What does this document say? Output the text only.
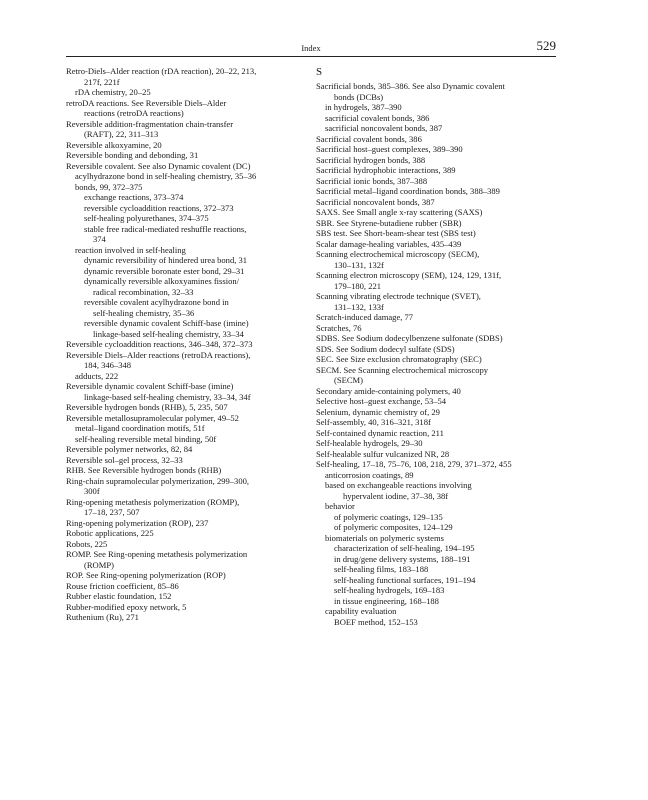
Index	529
Retro-Diels–Alder reaction (rDA reaction), 20–22, 213,
217f, 221f
rDA chemistry, 20–25
retroDA reactions. See Reversible Diels–Alder
reactions (retroDA reactions)
Reversible addition-fragmentation chain-transfer
(RAFT), 22, 311–313
Reversible alkoxyamine, 20
Reversible bonding and debonding, 31
Reversible covalent. See also Dynamic covalent (DC)
acylhydrazone bond in self-healing chemistry, 35–36
bonds, 99, 372–375
exchange reactions, 373–374
reversible cycloaddition reactions, 372–373
self-healing polyurethanes, 374–375
stable free radical-mediated reshuffle reactions,
374
reaction involved in self-healing
dynamic reversibility of hindered urea bond, 31
dynamic reversible boronate ester bond, 29–31
dynamically reversible alkoxyamines fission/
radical recombination, 32–33
reversible covalent acylhydrazone bond in
self-healing chemistry, 35–36
reversible dynamic covalent Schiff-base (imine)
linkage-based self-healing chemistry, 33–34
Reversible cycloaddition reactions, 346–348, 372–373
Reversible Diels–Alder reactions (retroDA reactions),
184, 346–348
adducts, 222
Reversible dynamic covalent Schiff-base (imine)
linkage-based self-healing chemistry, 33–34, 34f
Reversible hydrogen bonds (RHB), 5, 235, 507
Reversible metallosupramolecular polymer, 49–52
metal–ligand coordination motifs, 51f
self-healing reversible metal binding, 50f
Reversible polymer networks, 82, 84
Reversible sol–gel process, 32–33
RHB. See Reversible hydrogen bonds (RHB)
Ring-chain supramolecular polymerization, 299–300,
300f
Ring-opening metathesis polymerization (ROMP),
17–18, 237, 507
Ring-opening polymerization (ROP), 237
Robotic applications, 225
Robots, 225
ROMP. See Ring-opening metathesis polymerization
(ROMP)
ROP. See Ring-opening polymerization (ROP)
Rouse friction coefficient, 85–86
Rubber elastic foundation, 152
Rubber-modified epoxy network, 5
Ruthenium (Ru), 271
S
Sacrificial bonds, 385–386. See also Dynamic covalent
bonds (DCBs)
in hydrogels, 387–390
sacrificial covalent bonds, 386
sacrificial noncovalent bonds, 387
Sacrificial covalent bonds, 386
Sacrificial host–guest complexes, 389–390
Sacrificial hydrogen bonds, 388
Sacrificial hydrophobic interactions, 389
Sacrificial ionic bonds, 387–388
Sacrificial metal–ligand coordination bonds, 388–389
Sacrificial noncovalent bonds, 387
SAXS. See Small angle x-ray scattering (SAXS)
SBR. See Styrene-butadiene rubber (SBR)
SBS test. See Short-beam-shear test (SBS test)
Scalar damage-healing variables, 435–439
Scanning electrochemical microscopy (SECM),
130–131, 132f
Scanning electron microscopy (SEM), 124, 129, 131f,
179–180, 221
Scanning vibrating electrode technique (SVET),
131–132, 133f
Scratch-induced damage, 77
Scratches, 76
SDBS. See Sodium dodecylbenzene sulfonate (SDBS)
SDS. See Sodium dodecyl sulfate (SDS)
SEC. See Size exclusion chromatography (SEC)
SECM. See Scanning electrochemical microscopy
(SECM)
Secondary amide-containing polymers, 40
Selective host–guest exchange, 53–54
Selenium, dynamic chemistry of, 29
Self-assembly, 40, 316–321, 318f
Self-contained dynamic reaction, 211
Self-healable hydrogels, 29–30
Self-healable sulfur vulcanized NR, 28
Self-healing, 17–18, 75–76, 108, 218, 279, 371–372, 455
anticorrosion coatings, 89
based on exchangeable reactions involving
hypervalent iodine, 37–38, 38f
behavior
of polymeric coatings, 129–135
of polymeric composites, 124–129
biomaterials on polymeric systems
characterization of self-healing, 194–195
in drug/gene delivery systems, 188–191
self-healing films, 183–188
self-healing functional surfaces, 191–194
self-healing hydrogels, 169–183
in tissue engineering, 168–188
capability evaluation
BOEF method, 152–153
